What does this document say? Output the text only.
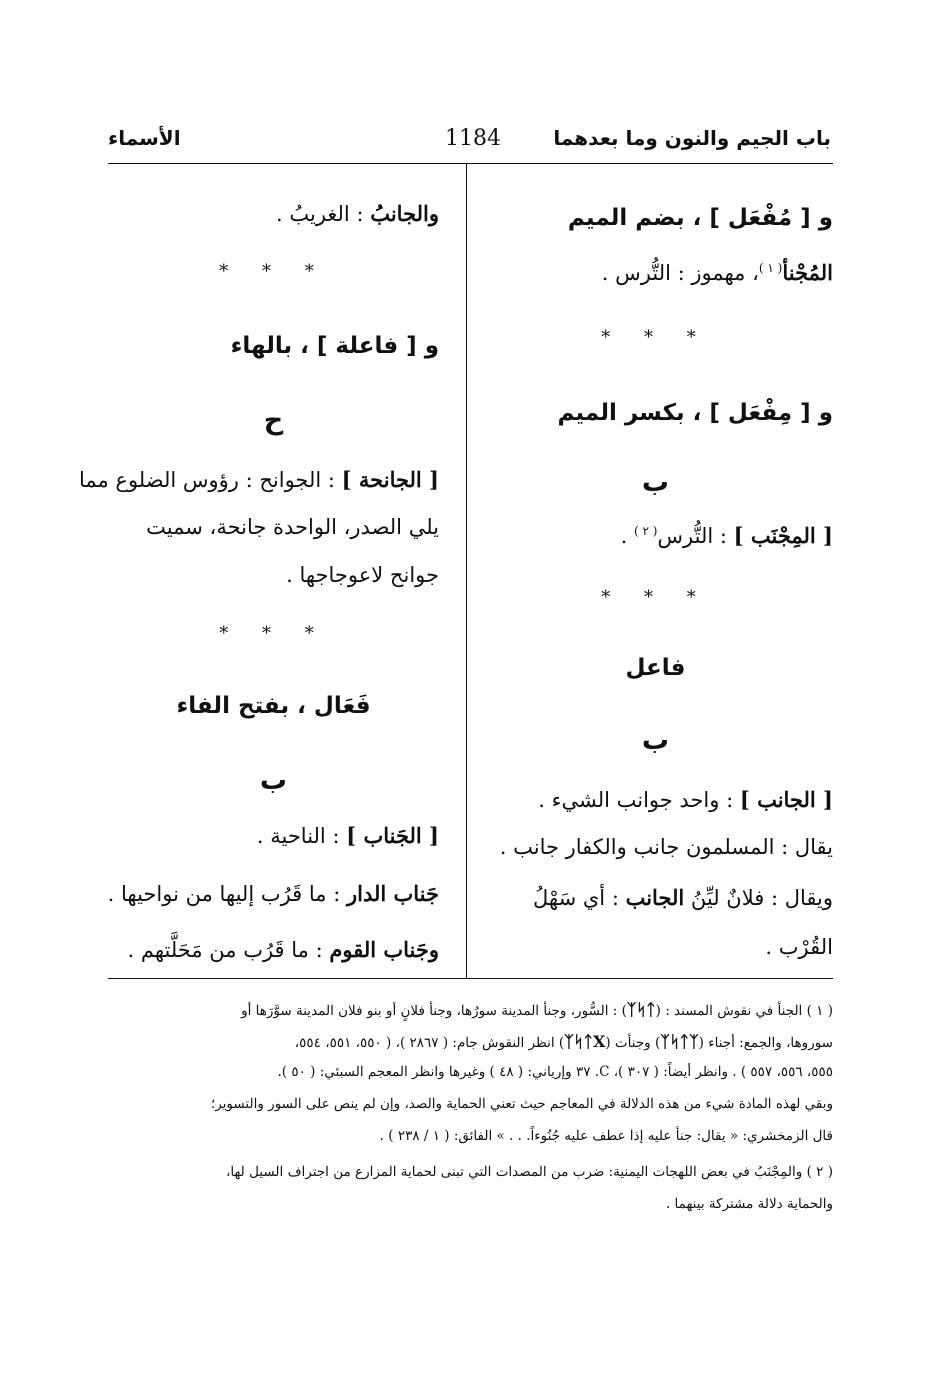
باب الجيم والنون وما بعدهما
1184
الأسماء
و [ مُفْعَل ] ، بضم الميم
المُجْنأ$^{( ١ )}$، مهموز : التُّرس .
* * *
و [ مِفْعَل ] ، بكسر الميم
ب
[ المِجْنَب ] : التُّرس$^{( ٢ )}$ .
* * *
فاعل
ب
[ الجانب ] : واحد جوانب الشيء .
يقال : المسلمون جانب والكفار جانب .
ويقال : فلانٌ ليِّنُ الجانب : أي سَهْلُ
القُرْب .
والجانبُ : الغريبُ .
* * *
و [ فاعلة ] ، بالهاء
ح
[ الجانحة ] : الجوانح : رؤوس الضلوع مما
يلي الصدر، الواحدة جانحة، سميت
جوانح لاعوجاجها .
* * *
فَعَال ، بفتح الفاء
ب
[ الجَناب ] : الناحية .
جَناب الدار : ما قَرُب إليها من نواحيها .
وجَناب القوم : ما قَرُب من مَحَلَّتهم .
( ١ ) الجنأ في نقوش المسند : (ᛉᛋᛏ) : السُّور، وجنأ المدينة سورُها، وجنأ فلانٍ أو بنو فلان المدينة سوَّرَها أو
سوروها، والجمع: أجناء (ᛉᛋᛏᛉ) وجنأت (ᛉᛋᛏX) انظر النقوش جام: ( ٢٨٦٧ )، ( ٥٥٠، ٥٥١، ٥٥٤،
٥٥٥، ٥٥٦، ٥٥٧ ) . وانظر أيضاً: ( ٣٠٧ )، C. ٣٧ وإرياني: ( ٤٨ ) وغيرها وانظر المعجم السبئي: ( ٥٠ ).
وبقي لهذه المادة شيء من هذه الدلالة في المعاجم حيث تعني الحماية والصد، وإن لم ينص على السور والتسوير؛
قال الزمخشري: « يقال: جنأ عليه إذا عطف عليه جُنُوءاً. . . » الفائق: ( ١ / ٢٣٨ ) .
( ٢ ) والمِجْنَبُ في بعض اللهجات اليمنية: ضرب من المصدات التي تبنى لحماية المزارع من اجتراف السيل لها،
والحماية دلالة مشتركة بينهما .
